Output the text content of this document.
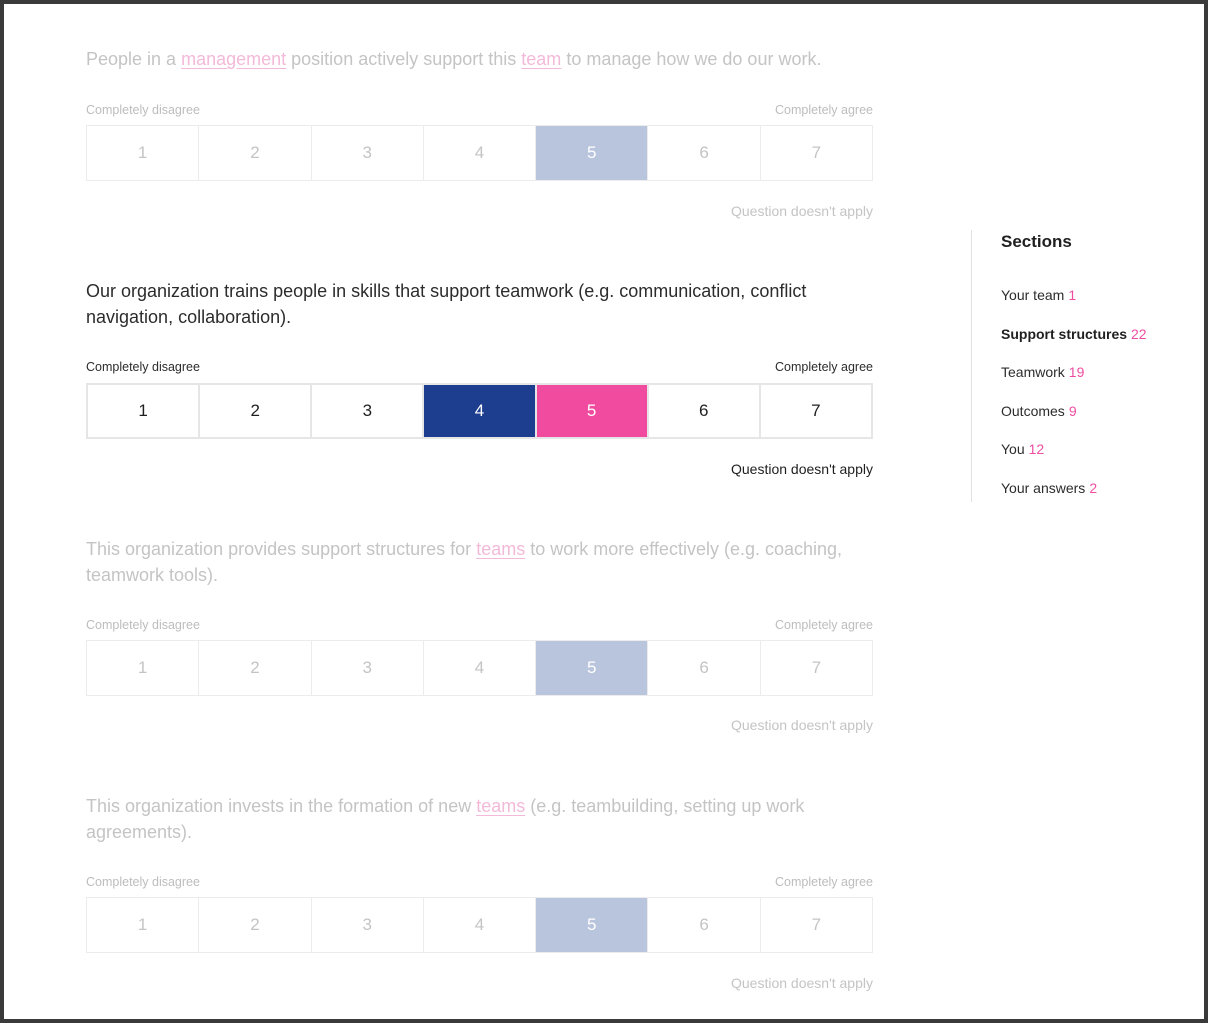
People in a management position actively support this team to manage how we do our work.

Completely disagree	Completely agree
1	2	3	4	5	6	7
Question doesn't apply

Our organization trains people in skills that support teamwork (e.g. communication, conflict navigation, collaboration).

Completely disagree	Completely agree
1	2	3	4	5	6	7
Question doesn't apply

This organization provides support structures for teams to work more effectively (e.g. coaching, teamwork tools).

Completely disagree	Completely agree
1	2	3	4	5	6	7
Question doesn't apply

This organization invests in the formation of new teams (e.g. teambuilding, setting up work agreements).

Completely disagree	Completely agree
1	2	3	4	5	6	7
Question doesn't apply
Sections
Your team 1
Support structures 22
Teamwork 19
Outcomes 9
You 12
Your answers 2
